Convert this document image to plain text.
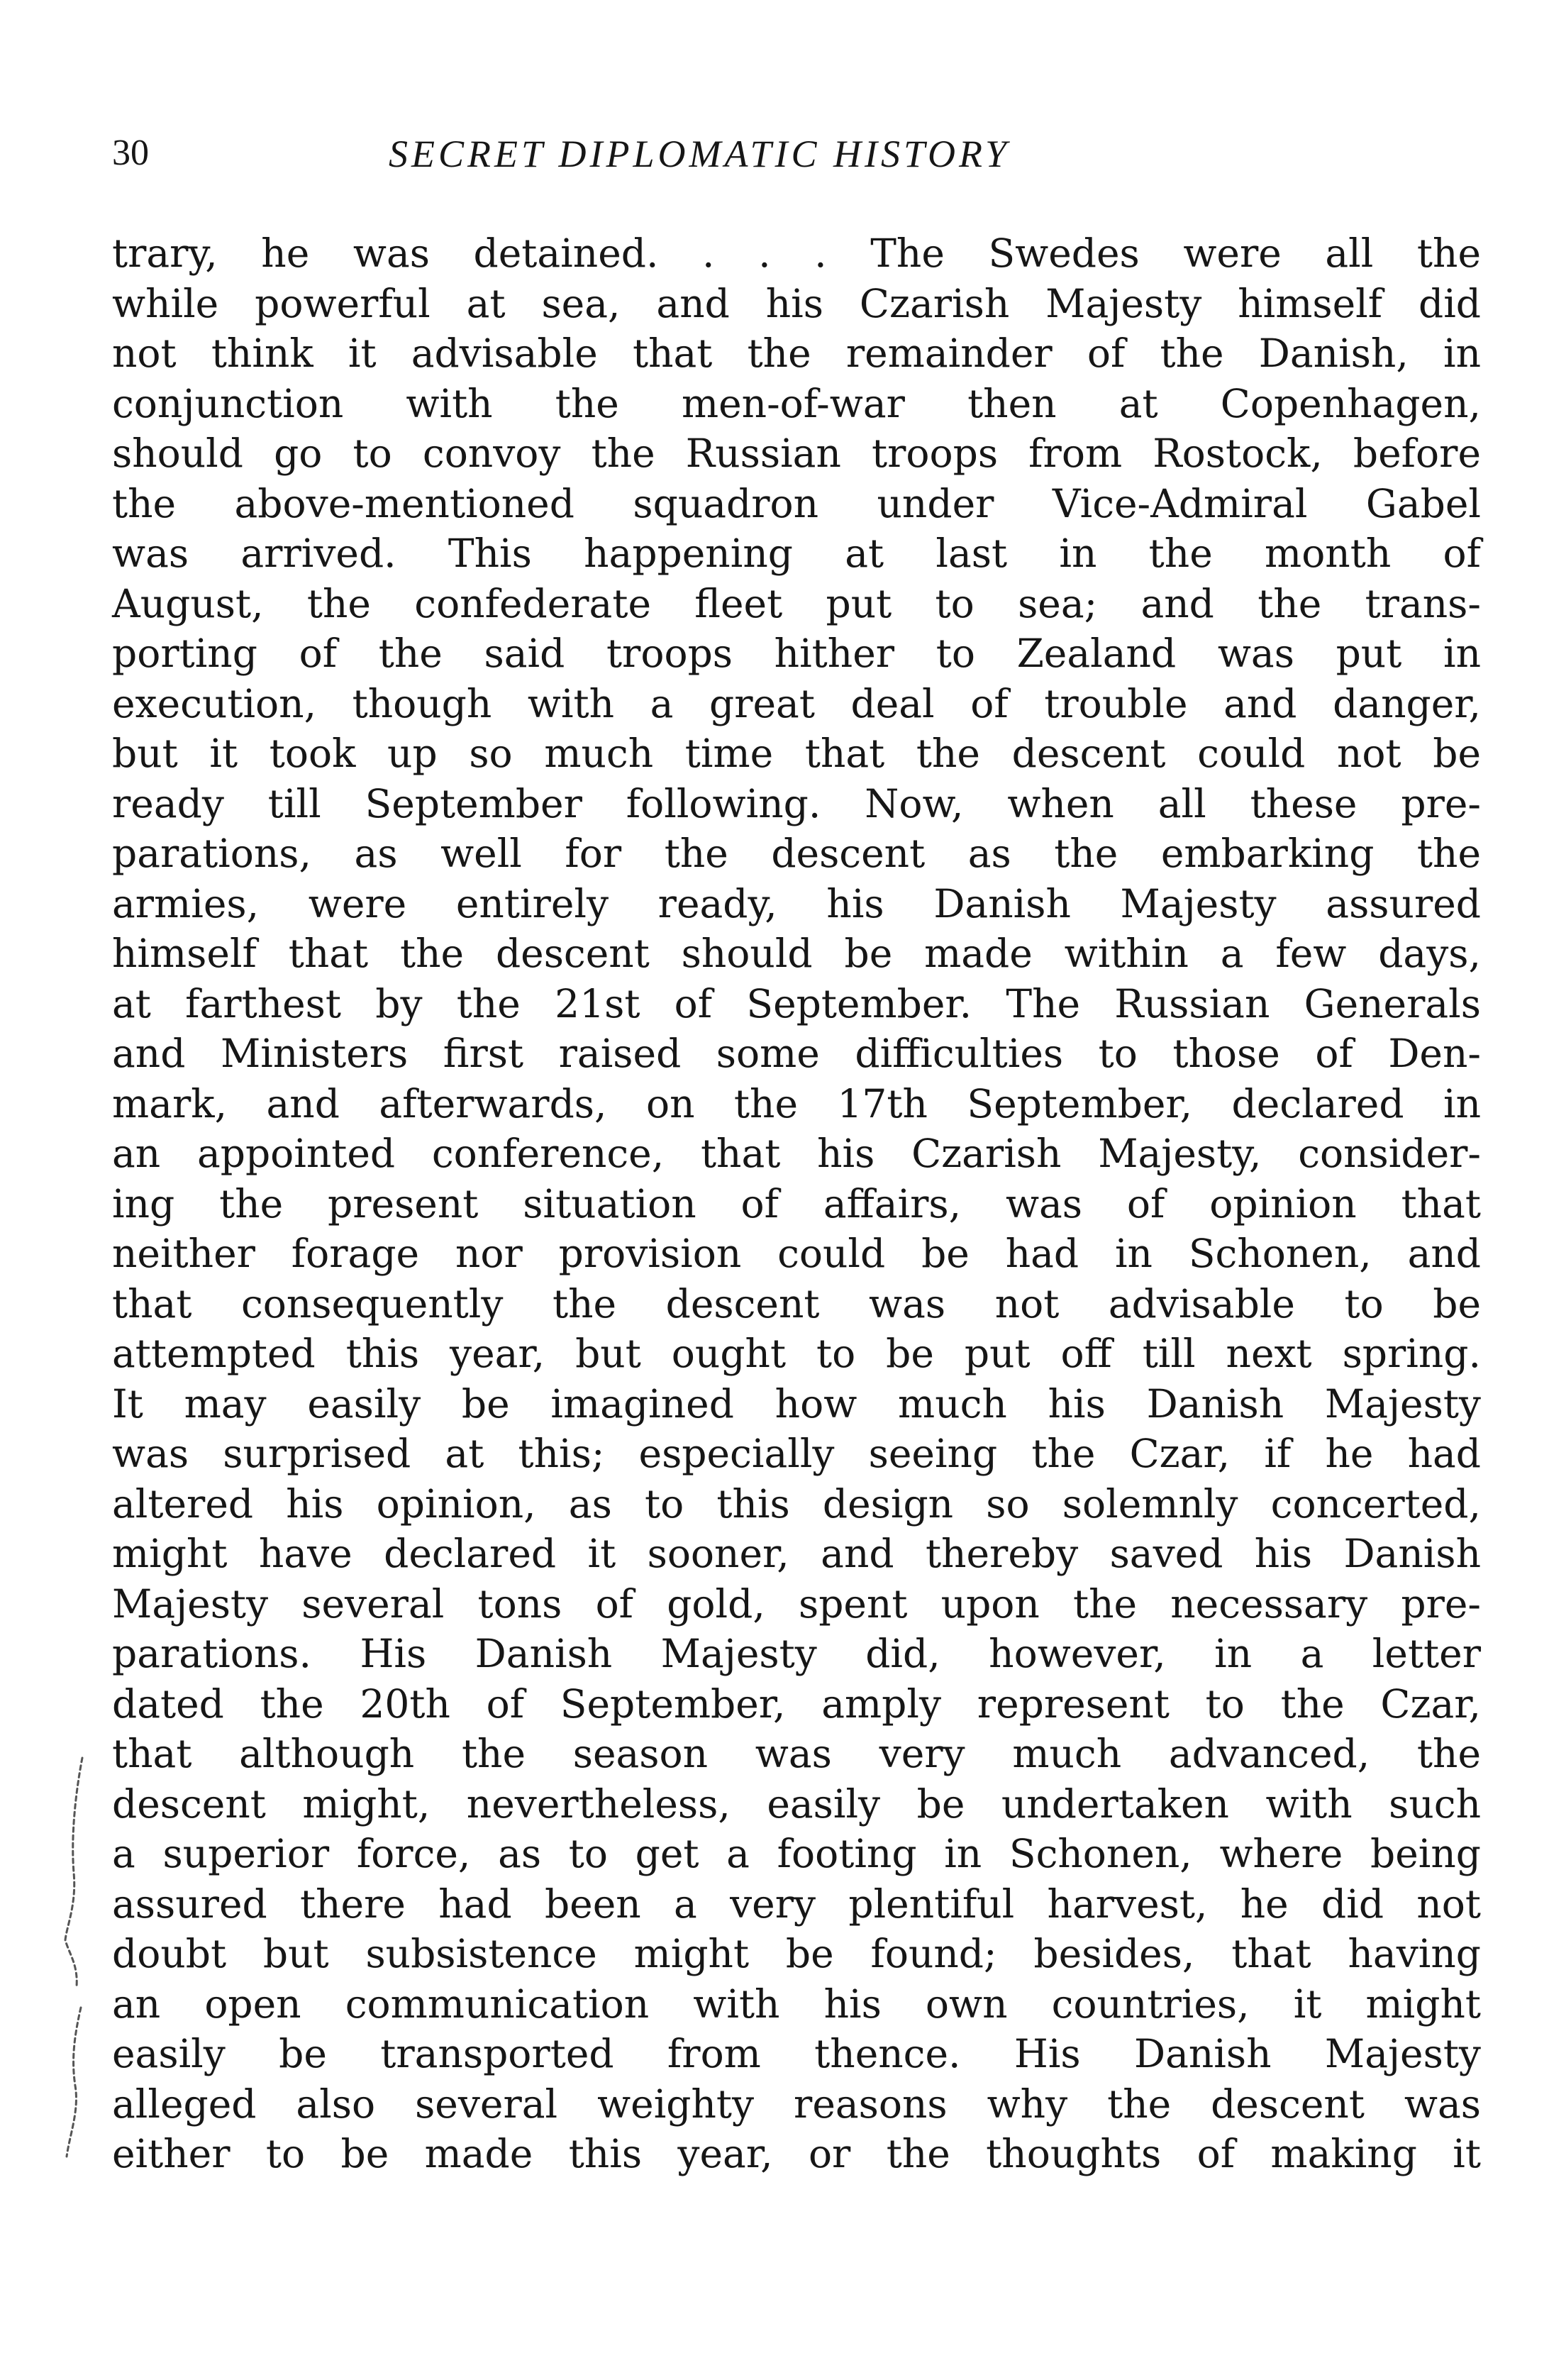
30	SECRET DIPLOMATIC HISTORY
trary, he was detained. . . . The Swedes were all the
while powerful at sea, and his Czarish Majesty himself did
not think it advisable that the remainder of the Danish, in
conjunction with the men-of-war then at Copenhagen,
should go to convoy the Russian troops from Rostock, before
the above-mentioned squadron under Vice-Admiral Gabel
was arrived. This happening at last in the month of
August, the confederate fleet put to sea; and the trans-
porting of the said troops hither to Zealand was put in
execution, though with a great deal of trouble and danger,
but it took up so much time that the descent could not be
ready till September following. Now, when all these pre-
parations, as well for the descent as the embarking the
armies, were entirely ready, his Danish Majesty assured
himself that the descent should be made within a few days,
at farthest by the 21st of September. The Russian Generals
and Ministers first raised some difficulties to those of Den-
mark, and afterwards, on the 17th September, declared in
an appointed conference, that his Czarish Majesty, consider-
ing the present situation of affairs, was of opinion that
neither forage nor provision could be had in Schonen, and
that consequently the descent was not advisable to be
attempted this year, but ought to be put off till next spring.
It may easily be imagined how much his Danish Majesty
was surprised at this; especially seeing the Czar, if he had
altered his opinion, as to this design so solemnly concerted,
might have declared it sooner, and thereby saved his Danish
Majesty several tons of gold, spent upon the necessary pre-
parations. His Danish Majesty did, however, in a letter
dated the 20th of September, amply represent to the Czar,
that although the season was very much advanced, the
descent might, nevertheless, easily be undertaken with such
a superior force, as to get a footing in Schonen, where being
assured there had been a very plentiful harvest, he did not
doubt but subsistence might be found; besides, that having
an open communication with his own countries, it might
easily be transported from thence. His Danish Majesty
alleged also several weighty reasons why the descent was
either to be made this year, or the thoughts of making it
